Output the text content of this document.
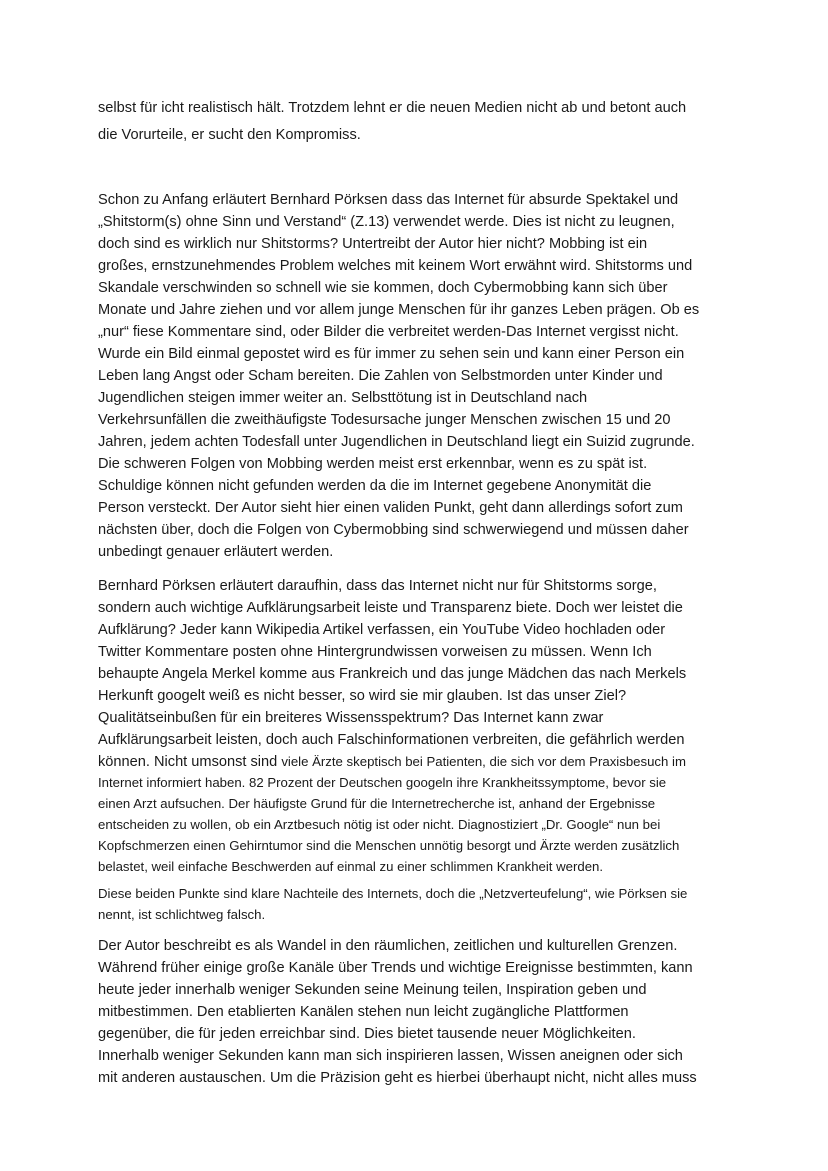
selbst für icht realistisch hält. Trotzdem lehnt er die neuen Medien nicht ab und betont auch

die Vorurteile, er sucht den Kompromiss.

Schon zu Anfang erläutert Bernhard Pörksen dass das Internet für absurde Spektakel und

„Shitstorm(s) ohne Sinn und Verstand“ (Z.13) verwendet werde. Dies ist nicht zu leugnen,

doch sind es wirklich nur Shitstorms? Untertreibt der Autor hier nicht? Mobbing ist ein

großes, ernstzunehmendes Problem welches mit keinem Wort erwähnt wird. Shitstorms und

Skandale verschwinden so schnell wie sie kommen, doch Cybermobbing kann sich über

Monate und Jahre ziehen und vor allem junge Menschen für ihr ganzes Leben prägen. Ob es

„nur“ fiese Kommentare sind, oder Bilder die verbreitet werden-Das Internet vergisst nicht.

Wurde ein Bild einmal gepostet wird es für immer zu sehen sein und kann einer Person ein

Leben lang Angst oder Scham bereiten. Die Zahlen von Selbstmorden unter Kinder und

Jugendlichen steigen immer weiter an. Selbsttötung ist in Deutschland nach

Verkehrsunfällen die zweithäufigste Todesursache junger Menschen zwischen 15 und 20

Jahren, jedem achten Todesfall unter Jugendlichen in Deutschland liegt ein Suizid zugrunde.

Die schweren Folgen von Mobbing werden meist erst erkennbar, wenn es zu spät ist.

Schuldige können nicht gefunden werden da die im Internet gegebene Anonymität die

Person versteckt. Der Autor sieht hier einen validen Punkt, geht dann allerdings sofort zum

nächsten über, doch die Folgen von Cybermobbing sind schwerwiegend und müssen daher

unbedingt genauer erläutert werden.

Bernhard Pörksen erläutert daraufhin, dass das Internet nicht nur für Shitstorms sorge,

sondern auch wichtige Aufklärungsarbeit leiste und Transparenz biete. Doch wer leistet die

Aufklärung? Jeder kann Wikipedia Artikel verfassen, ein YouTube Video hochladen oder

Twitter Kommentare posten ohne Hintergrundwissen vorweisen zu müssen. Wenn Ich

behaupte Angela Merkel komme aus Frankreich und das junge Mädchen das nach Merkels

Herkunft googelt weiß es nicht besser, so wird sie mir glauben. Ist das unser Ziel?

Qualitätseinbußen für ein breiteres Wissensspektrum? Das Internet kann zwar

Aufklärungsarbeit leisten, doch auch Falschinformationen verbreiten, die gefährlich werden

können. Nicht umsonst sind viele Ärzte skeptisch bei Patienten, die sich vor dem Praxisbesuch im

Internet informiert haben. 82 Prozent der Deutschen googeln ihre Krankheitssymptome, bevor sie

einen Arzt aufsuchen. Der häufigste Grund für die Internetrecherche ist, anhand der Ergebnisse

entscheiden zu wollen, ob ein Arztbesuch nötig ist oder nicht. Diagnostiziert „Dr. Google“ nun bei

Kopfschmerzen einen Gehirntumor sind die Menschen unnötig besorgt und Ärzte werden zusätzlich

belastet, weil einfache Beschwerden auf einmal zu einer schlimmen Krankheit werden.

Diese beiden Punkte sind klare Nachteile des Internets, doch die „Netzverteufelung“, wie Pörksen sie

nennt, ist schlichtweg falsch.

Der Autor beschreibt es als Wandel in den räumlichen, zeitlichen und kulturellen Grenzen.

Während früher einige große Kanäle über Trends und wichtige Ereignisse bestimmten, kann

heute jeder innerhalb weniger Sekunden seine Meinung teilen, Inspiration geben und

mitbestimmen. Den etablierten Kanälen stehen nun leicht zugängliche Plattformen

gegenüber, die für jeden erreichbar sind. Dies bietet tausende neuer Möglichkeiten.

Innerhalb weniger Sekunden kann man sich inspirieren lassen, Wissen aneignen oder sich

mit anderen austauschen. Um die Präzision geht es hierbei überhaupt nicht, nicht alles muss
